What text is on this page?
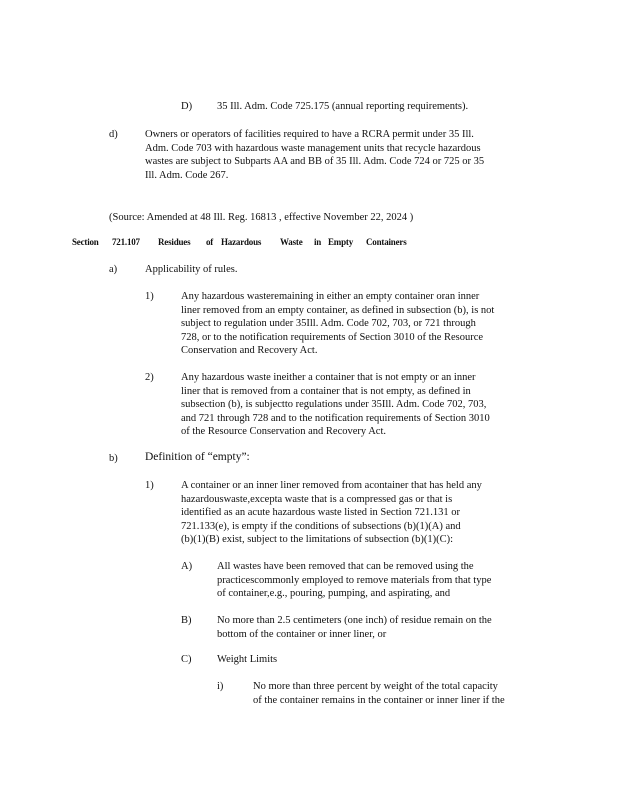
D) 35 Ill. Adm. Code 725.175 (annual reporting requirements).
d)	Owners or operators of facilities required to have a RCRA permit under 35 Ill.
Adm. Code 703 with hazardous waste management units that recycle hazardous
wastes are subject to Subparts AA and BB of 35 Ill. Adm. Code 724 or 725 or 35
Ill. Adm. Code 267.
(Source: Amended at 48 Ill. Reg. 16813 , effective November 22, 2024 )
Section 721.107 Residues of Hazardous Waste in Empty Containers
a)	Applicability of rules.
1)	Any hazardous wasteremaining in either an empty container oran inner
liner removed from an empty container, as defined in subsection (b), is not
subject to regulation under 35Ill. Adm. Code 702, 703, or 721 through
728, or to the notification requirements of Section 3010 of the Resource
Conservation and Recovery Act.
2)	Any hazardous waste ineither a container that is not empty or an inner
liner that is removed from a container that is not empty, as defined in
subsection (b), is subjectto regulations under 35Ill. Adm. Code 702, 703,
and 721 through 728 and to the notification requirements of Section 3010
of the Resource Conservation and Recovery Act.
b) Definition of “empty”:
1)	A container or an inner liner removed from acontainer that has held any
hazardouswaste,excepta waste that is a compressed gas or that is
identified as an acute hazardous waste listed in Section 721.131 or
721.133(e), is empty if the conditions of subsections (b)(1)(A) and
(b)(1)(B) exist, subject to the limitations of subsection (b)(1)(C):
A) All wastes have been removed that can be removed using the
practicescommonly employed to remove materials from that type
of container,e.g., pouring, pumping, and aspirating, and
B) No more than 2.5 centimeters (one inch) of residue remain on the
bottom of the container or inner liner, or
C) Weight Limits
i)	No more than three percent by weight of the total capacity
of the container remains in the container or inner liner if the
